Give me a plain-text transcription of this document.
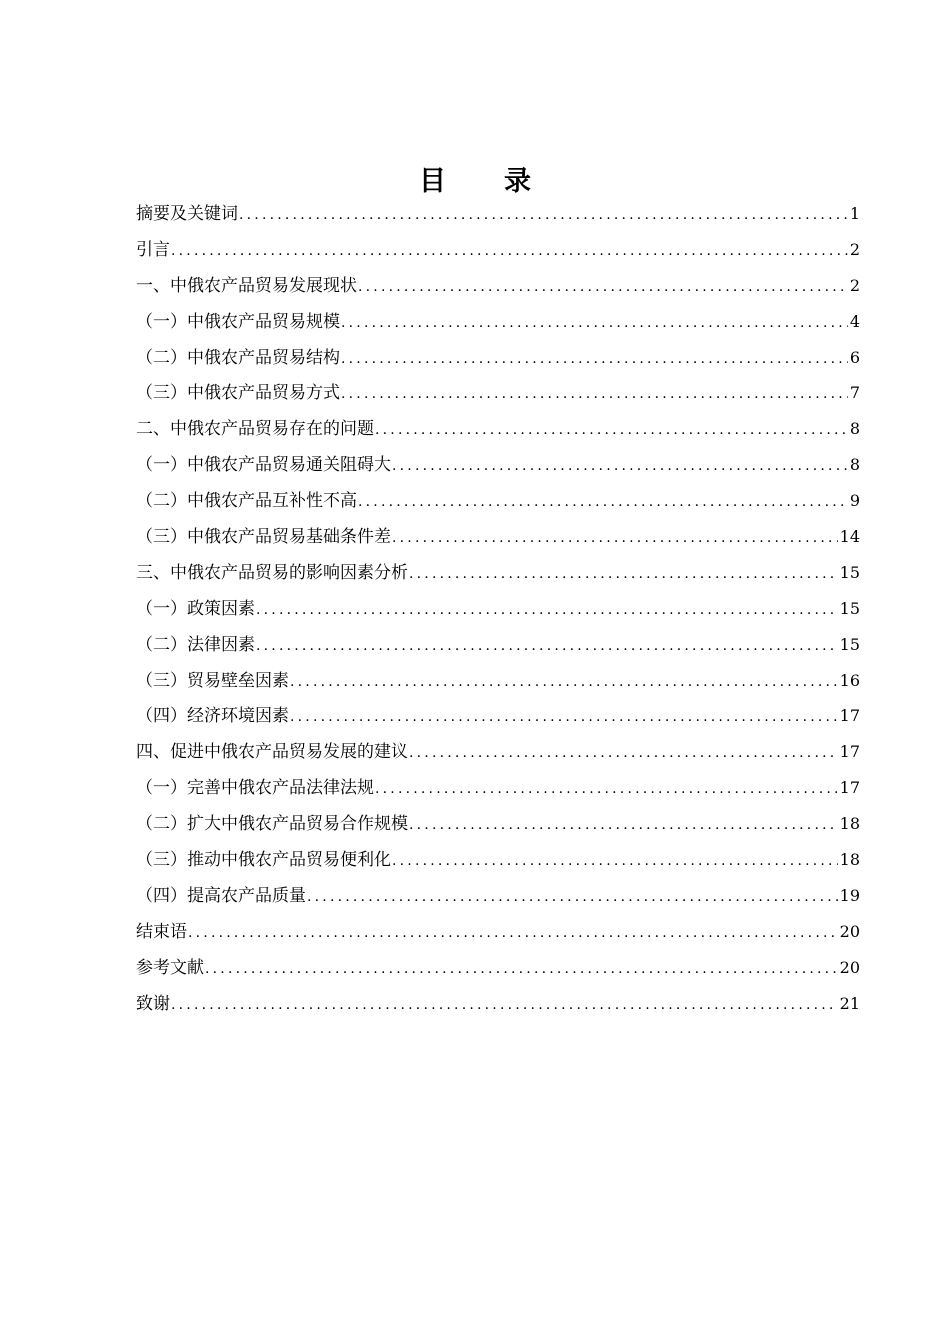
目录
摘要及关键词 .....	1
引言 .....	2
一、中俄农产品贸易发展现状 .....	2
（一）中俄农产品贸易规模 .....	4
（二）中俄农产品贸易结构 .....	6
（三）中俄农产品贸易方式 .....	7
二、中俄农产品贸易存在的问题 .....	8
（一）中俄农产品贸易通关阻碍大 .....	8
（二）中俄农产品互补性不高 .....	9
（三）中俄农产品贸易基础条件差 .....	14
三、中俄农产品贸易的影响因素分析 .....	15
（一）政策因素 .....	15
（二）法律因素 .....	15
（三）贸易壁垒因素 .....	16
（四）经济环境因素 .....	17
四、促进中俄农产品贸易发展的建议 .....	17
（一）完善中俄农产品法律法规 .....	17
（二）扩大中俄农产品贸易合作规模 .....	18
（三）推动中俄农产品贸易便利化 .....	18
（四）提高农产品质量 .....	19
结束语 .....	20
参考文献 .....	20
致谢 .....	21
